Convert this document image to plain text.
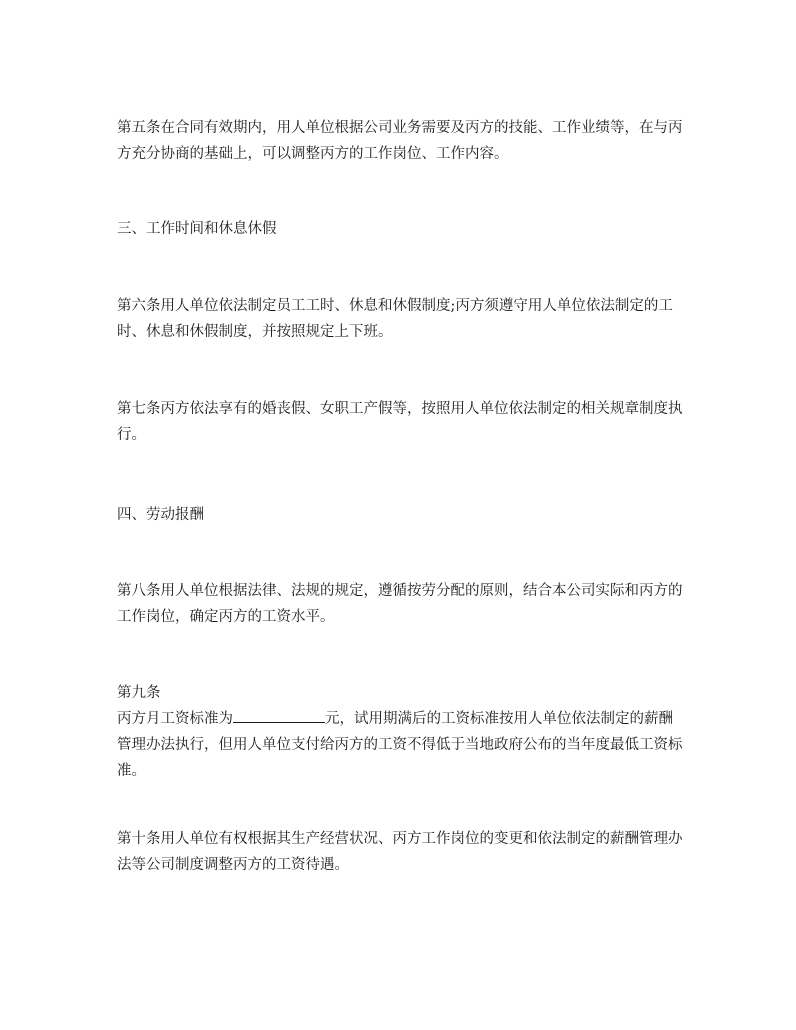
第五条在合同有效期内，用人单位根据公司业务需要及丙方的技能、工作业绩等，在与丙方充分协商的基础上，可以调整丙方的工作岗位、工作内容。

三、工作时间和休息休假

第六条用人单位依法制定员工工时、休息和休假制度;丙方须遵守用人单位依法制定的工时、休息和休假制度，并按照规定上下班。

第七条丙方依法享有的婚丧假、女职工产假等，按照用人单位依法制定的相关规章制度执行。

四、劳动报酬

第八条用人单位根据法律、法规的规定，遵循按劳分配的原则，结合本公司实际和丙方的工作岗位，确定丙方的工资水平。

第九条

丙方月工资标准为	元，试用期满后的工资标准按用人单位依法制定的薪酬管理办法执行，但用人单位支付给丙方的工资不得低于当地政府公布的当年度最低工资标准。

第十条用人单位有权根据其生产经营状况、丙方工作岗位的变更和依法制定的薪酬管理办法等公司制度调整丙方的工资待遇。
